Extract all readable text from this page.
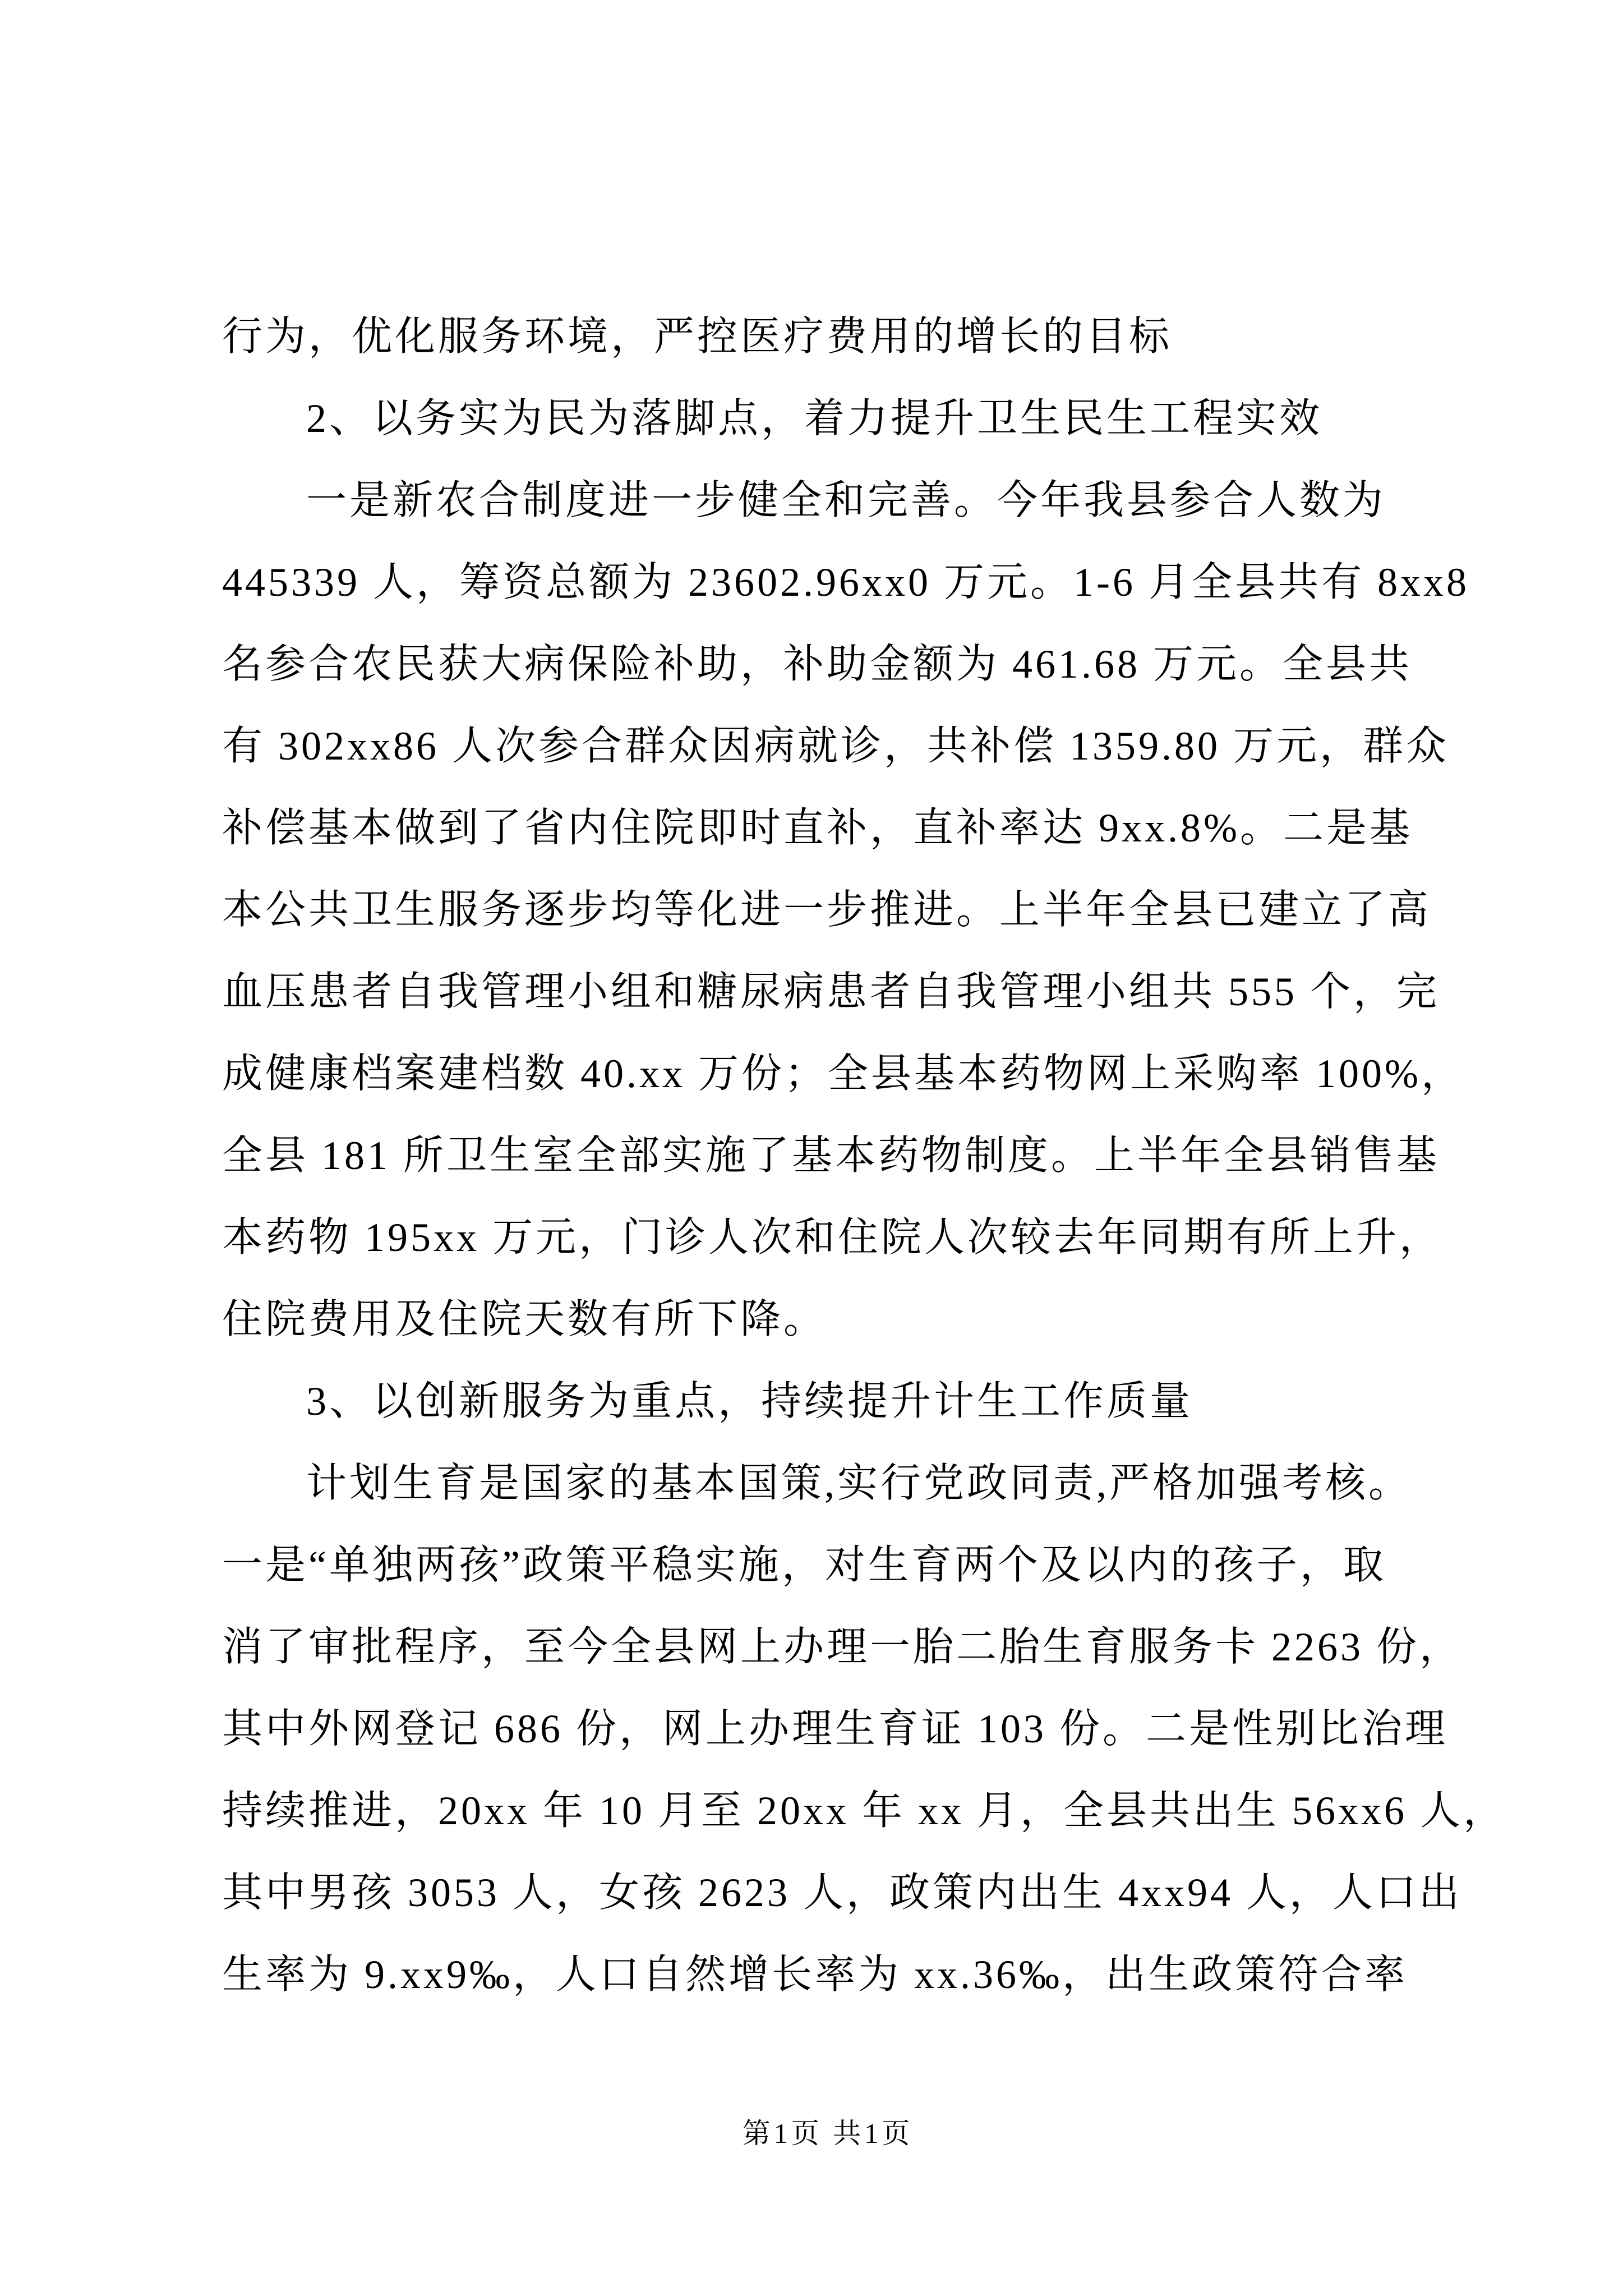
行为，优化服务环境，严控医疗费用的增长的目标
2、以务实为民为落脚点，着力提升卫生民生工程实效
一是新农合制度进一步健全和完善。今年我县参合人数为
445339 人，筹资总额为 23602.96xx0 万元。1-6 月全县共有 8xx8
名参合农民获大病保险补助，补助金额为 461.68 万元。全县共
有 302xx86 人次参合群众因病就诊，共补偿 1359.80 万元，群众
补偿基本做到了省内住院即时直补，直补率达 9xx.8%。二是基
本公共卫生服务逐步均等化进一步推进。上半年全县已建立了高
血压患者自我管理小组和糖尿病患者自我管理小组共 555 个，完
成健康档案建档数 40.xx 万份；全县基本药物网上采购率 100%，
全县 181 所卫生室全部实施了基本药物制度。上半年全县销售基
本药物 195xx 万元，门诊人次和住院人次较去年同期有所上升，
住院费用及住院天数有所下降。
3、以创新服务为重点，持续提升计生工作质量
计划生育是国家的基本国策,实行党政同责,严格加强考核。
一是“单独两孩”政策平稳实施，对生育两个及以内的孩子，取
消了审批程序，至今全县网上办理一胎二胎生育服务卡 2263 份，
其中外网登记 686 份，网上办理生育证 103 份。二是性别比治理
持续推进，20xx 年 10 月至 20xx 年 xx 月，全县共出生 56xx6 人，
其中男孩 3053 人，女孩 2623 人，政策内出生 4xx94 人，人口出
生率为 9.xx9‰，人口自然增长率为 xx.36‰，出生政策符合率
第1页 共1页
